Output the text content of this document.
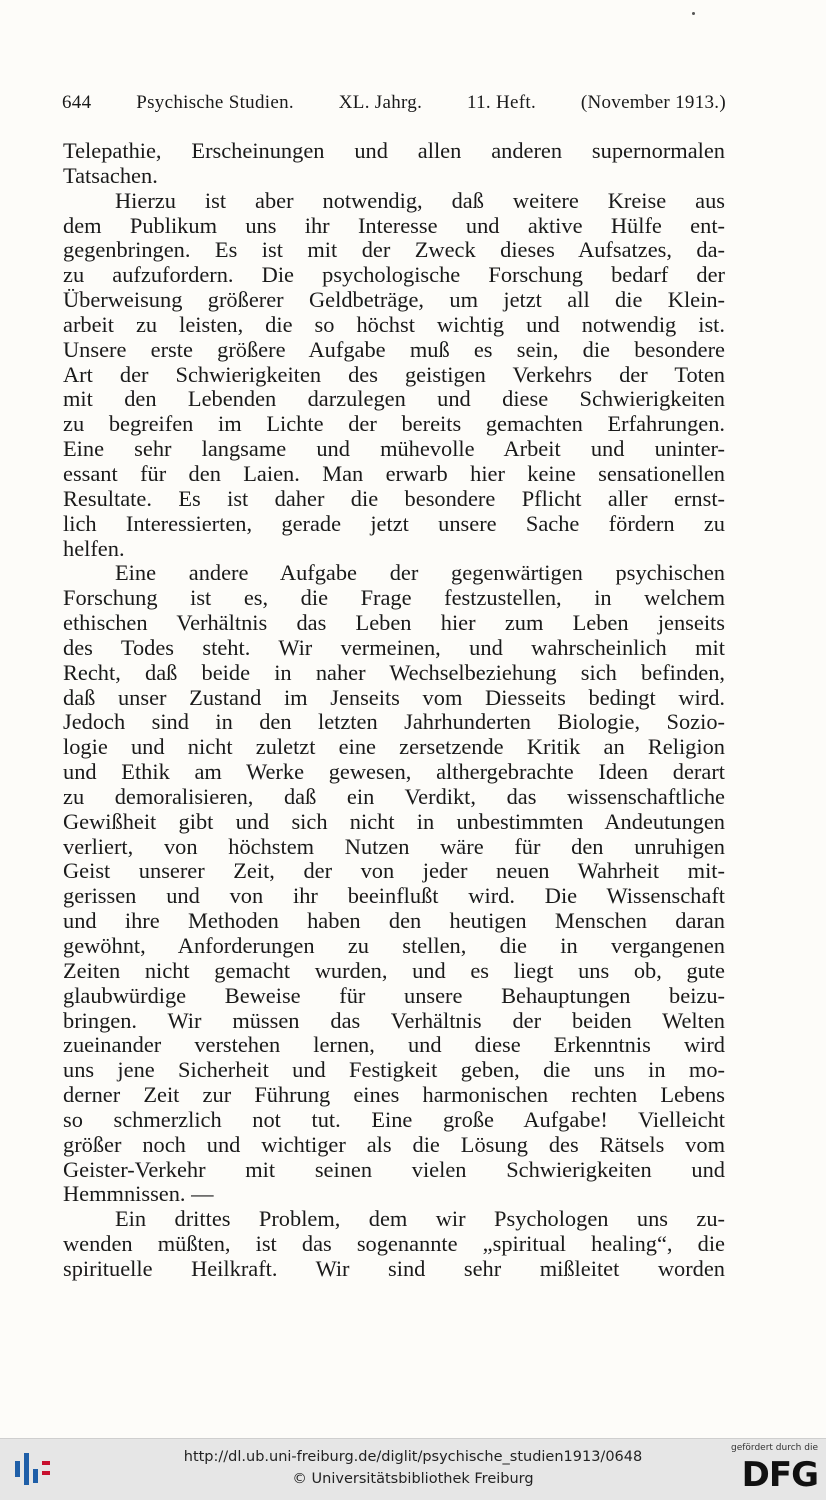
644 Psychische Studien. XL. Jahrg. 11. Heft. (November 1913.)
Telepathie, Erscheinungen und allen anderen supernormalen
Tatsachen.
Hierzu ist aber notwendig, daß weitere Kreise aus
dem Publikum uns ihr Interesse und aktive Hülfe ent-
gegenbringen. Es ist mit der Zweck dieses Aufsatzes, da-
zu aufzufordern. Die psychologische Forschung bedarf der
Überweisung größerer Geldbeträge, um jetzt all die Klein-
arbeit zu leisten, die so höchst wichtig und notwendig ist.
Unsere erste größere Aufgabe muß es sein, die besondere
Art der Schwierigkeiten des geistigen Verkehrs der Toten
mit den Lebenden darzulegen und diese Schwierigkeiten
zu begreifen im Lichte der bereits gemachten Erfahrungen.
Eine sehr langsame und mühevolle Arbeit und uninter-
essant für den Laien. Man erwarb hier keine sensationellen
Resultate. Es ist daher die besondere Pflicht aller ernst-
lich Interessierten, gerade jetzt unsere Sache fördern zu
helfen.
Eine andere Aufgabe der gegenwärtigen psychischen
Forschung ist es, die Frage festzustellen, in welchem
ethischen Verhältnis das Leben hier zum Leben jenseits
des Todes steht. Wir vermeinen, und wahrscheinlich mit
Recht, daß beide in naher Wechselbeziehung sich befinden,
daß unser Zustand im Jenseits vom Diesseits bedingt wird.
Jedoch sind in den letzten Jahrhunderten Biologie, Sozio-
logie und nicht zuletzt eine zersetzende Kritik an Religion
und Ethik am Werke gewesen, althergebrachte Ideen derart
zu demoralisieren, daß ein Verdikt, das wissenschaftliche
Gewißheit gibt und sich nicht in unbestimmten Andeutungen
verliert, von höchstem Nutzen wäre für den unruhigen
Geist unserer Zeit, der von jeder neuen Wahrheit mit-
gerissen und von ihr beeinflußt wird. Die Wissenschaft
und ihre Methoden haben den heutigen Menschen daran
gewöhnt, Anforderungen zu stellen, die in vergangenen
Zeiten nicht gemacht wurden, und es liegt uns ob, gute
glaubwürdige Beweise für unsere Behauptungen beizu-
bringen. Wir müssen das Verhältnis der beiden Welten
zueinander verstehen lernen, und diese Erkenntnis wird
uns jene Sicherheit und Festigkeit geben, die uns in mo-
derner Zeit zur Führung eines harmonischen rechten Lebens
so schmerzlich not tut. Eine große Aufgabe! Vielleicht
größer noch und wichtiger als die Lösung des Rätsels vom
Geister-Verkehr mit seinen vielen Schwierigkeiten und
Hemmnissen. —
Ein drittes Problem, dem wir Psychologen uns zu-
wenden müßten, ist das sogenannte „spiritual healing“, die
spirituelle Heilkraft. Wir sind sehr mißleitet worden
http://dl.ub.uni-freiburg.de/diglit/psychische_studien1913/0648
© Universitätsbibliothek Freiburg
gefördert durch die
DFG
